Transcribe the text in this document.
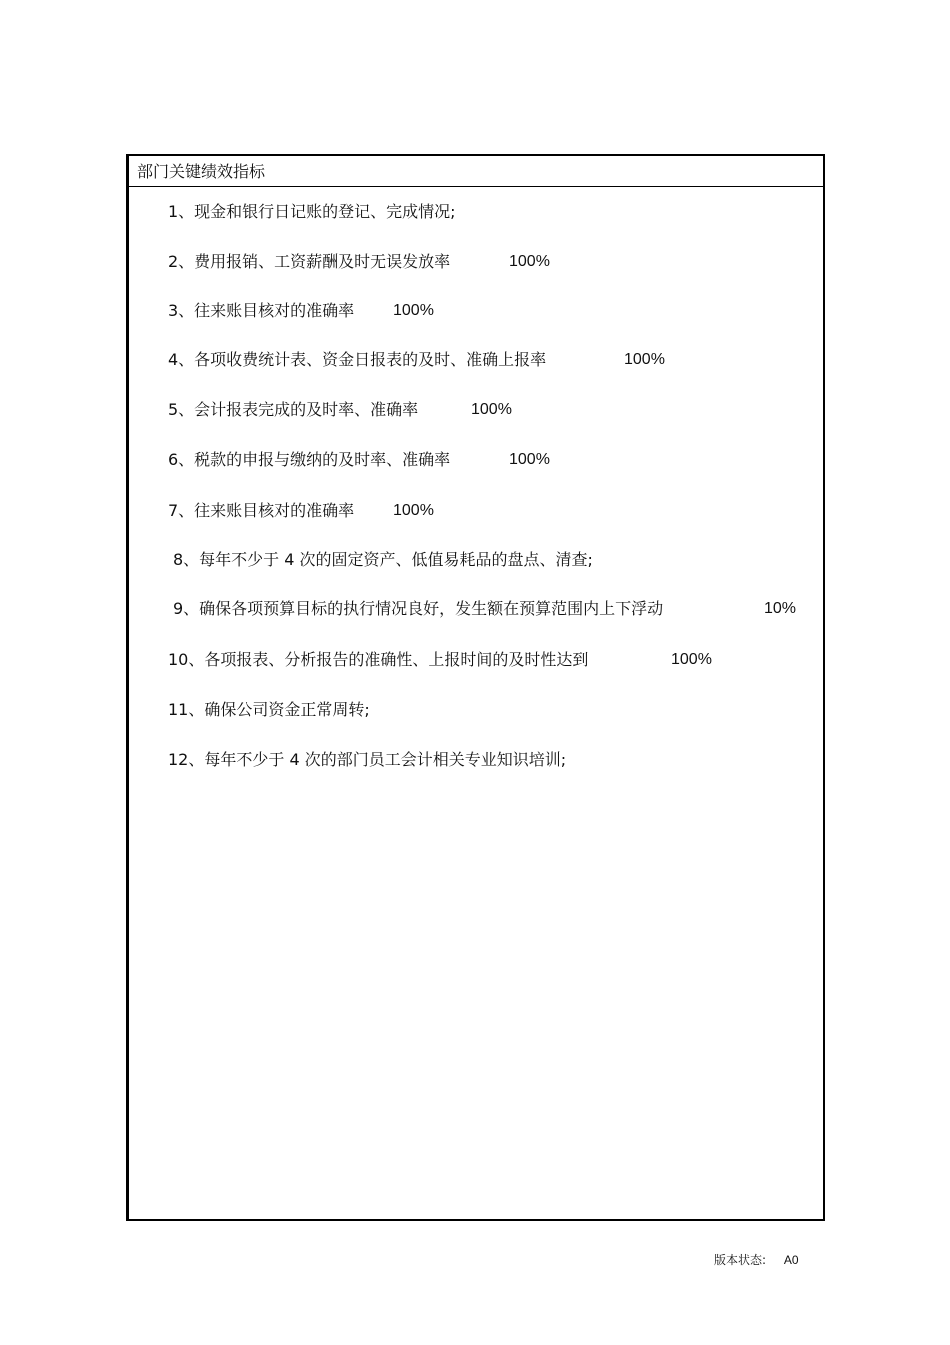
部门关键绩效指标
1、现金和银行日记账的登记、完成情况;
2、费用报销、工资薪酬及时无误发放率	100%
3、往来账目核对的准确率 100%
4、各项收费统计表、资金日报表的及时、准确上报率	100%
5、会计报表完成的及时率、准确率	100%
6、税款的申报与缴纳的及时率、准确率	100%
7、往来账目核对的准确率 100%
8、每年不少于 4 次的固定资产、低值易耗品的盘点、清查;
9、确保各项预算目标的执行情况良好，发生额在预算范围内上下浮动	10%
10、各项报表、分析报告的准确性、上报时间的及时性达到	100%
11、确保公司资金正常周转;
12、每年不少于 4 次的部门员工会计相关专业知识培训;
版本状态: A0
